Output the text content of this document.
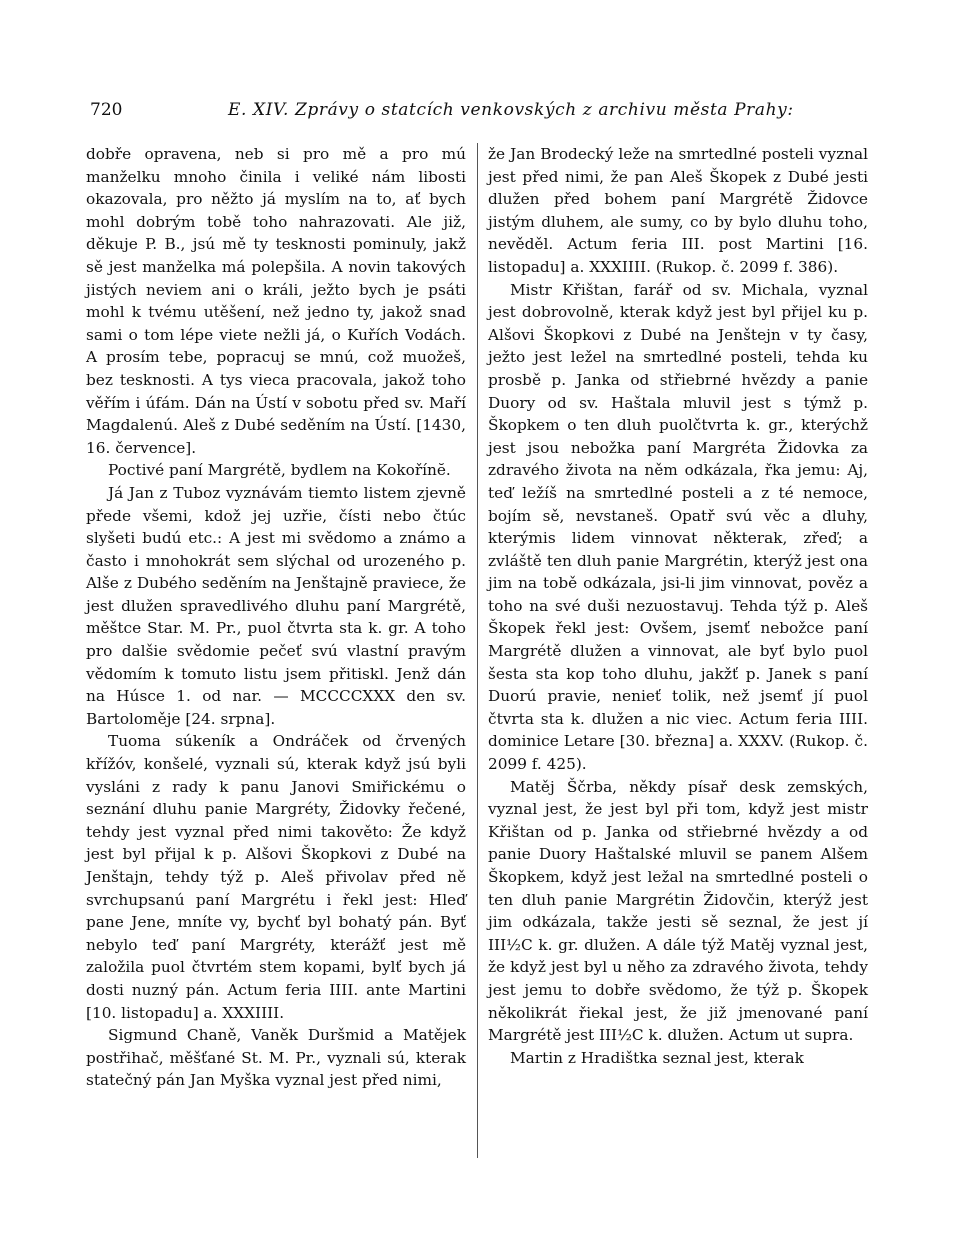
720	E. XIV. Zprávy o statcích venkovských z archivu města Prahy:

dobře opravena, neb si pro mě a pro mú manželku mnoho činila i veliké nám libosti okazovala, pro něžto já myslím na to, ať bych mohl dobrým tobě toho nahrazovati. Ale již, děkuje P. B., jsú mě ty tesknosti pominuly, jakž sě jest manželka má polepšila. A novin takových jistých neviem ani o králi, ježto bych je psáti mohl k tvému utěšení, než jedno ty, jakož snad sami o tom lépe viete nežli já, o Kuřích Vodách. A prosím tebe, popracuj se mnú, což muožeš, bez tesknosti. A tys vieca pracovala, jakož toho věřím i úfám. Dán na Ústí v sobotu před sv. Maří Magdalenú. Aleš z Dubé seděním na Ústí. [1430, 16. července].

Poctivé paní Margrétě, bydlem na Kokořínĕ.

Já Jan z Tuboz vyznávám tiemto listem zjevně přede všemi, kdož jej uzřie, čísti nebo čtúc slyšeti budú etc.: A jest mi svědomo a známo a často i mnohokrát sem slýchal od urozeného p. Alše z Dubého seděním na Jenštajně praviece, že jest dlužen spravedlivého dluhu paní Margrétě, měštce Star. M. Pr., puol čtvrta sta k. gr. A toho pro dalšie svědomie pečeť svú vlastní pravým vědomím k tomuto listu jsem přitiskl. Jenž dán na Húsce 1. od nar. — MCCCCXXX den sv. Bartoloměje [24. srpna].

Tuoma súkeník a Ondráček od črvených křížóv, konšelé, vyznali sú, kterak když jsú byli vysláni z rady k panu Janovi Smiřickému o seznání dluhu panie Margréty, Židovky řečené, tehdy jest vyznal před nimi takověto: Že když jest byl přijal k p. Alšovi Škopkovi z Dubé na Jenštajn, tehdy týž p. Aleš přivolav před ně svrchupsanú paní Margrétu i řekl jest: Hleď pane Jene, mníte vy, bychť byl bohatý pán. Byť nebylo teď paní Margréty, kterážť jest mě založila puol čtvrtém stem kopami, bylť bych já dosti nuzný pán. Actum feria IIII. ante Martini [10. listopadu] a. XXXIIII.

Sigmund Chaně, Vaněk Duršmid a Matějek postřihač, měšťané St. M. Pr., vyznali sú, kterak statečný pán Jan Myška vyznal jest před nimi,

že Jan Brodecký leže na smrtedlné posteli vyznal jest před nimi, že pan Aleš Škopek z Dubé jesti dlužen před bohem paní Margrétě Židovce jistým dluhem, ale sumy, co by bylo dluhu toho, nevěděl. Actum feria III. post Martini [16. listopadu] a. XXXIIII. (Rukop. č. 2099 f. 386).

Mistr Křištan, farář od sv. Michala, vyznal jest dobrovolně, kterak když jest byl přijel ku p. Alšovi Škopkovi z Dubé na Jenštejn v ty časy, ježto jest ležel na smrtedlné posteli, tehda ku prosbě p. Janka od střiebrné hvězdy a panie Duory od sv. Haštala mluvil jest s týmž p. Škopkem o ten dluh puolčtvrta k. gr., kterýchž jest jsou nebožka paní Margréta Židovka za zdravého života na něm odkázala, řka jemu: Aj, teď ležíš na smrtedlné posteli a z té nemoce, bojím sě, nevstaneš. Opatř svú věc a dluhy, kterýmis lidem vinnovat některak, zřeď; a zvláště ten dluh panie Margrétin, kterýž jest ona jim na tobě odkázala, jsi-li jim vinnovat, pověz a toho na své duši nezuostavuj. Tehda týž p. Aleš Škopek řekl jest: Ovšem, jsemť nebožce paní Margrétě dlužen a vinnovat, ale byť bylo puol šesta sta kop toho dluhu, jakžť p. Janek s paní Duorú pravie, nenieť tolik, než jsemť jí puol čtvrta sta k. dlužen a nic viec. Actum feria IIII. dominice Letare [30. března] a. XXXV. (Rukop. č. 2099 f. 425).

Matěj Ščrba, někdy písař desk zemských, vyznal jest, že jest byl při tom, když jest mistr Křištan od p. Janka od střiebrné hvězdy a od panie Duory Haštalské mluvil se panem Alšem Škopkem, když jest ležal na smrtedlné posteli o ten dluh panie Margrétin Židovčin, kterýž jest jim odkázala, takže jesti sě seznal, že jest jí III½C k. gr. dlužen. A dále týž Matěj vyznal jest, že když jest byl u něho za zdravého života, tehdy jest jemu to dobře svědomo, že týž p. Škopek několikrát řiekal jest, že již jmenované paní Margrétě jest III½C k. dlužen. Actum ut supra.

Martin z Hradištka seznal jest, kterak
